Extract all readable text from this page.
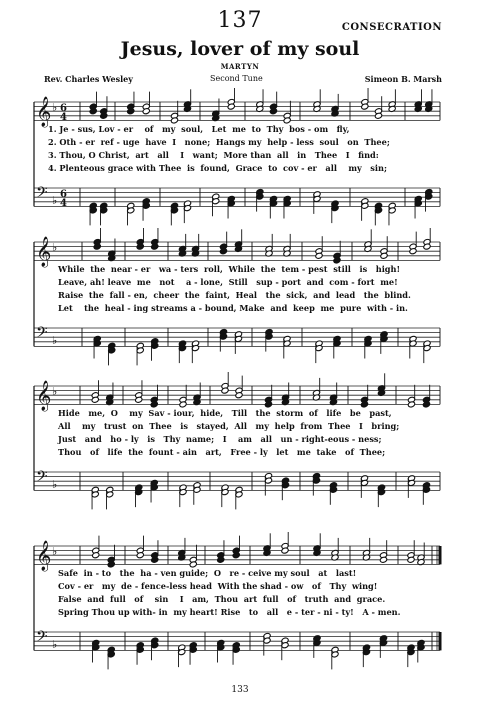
137	CONSECRATION
Jesus, lover of my soul
MARTYN
Rev. Charles Wesley	Second Tune	Simeon B. Marsh
𝄞 ♭
𝄢 ♭
6
4
6
4
1. Je - sus, Lov - er    of   my  soul,   Let  me  to  Thy  bos - om   fly,
2. Oth - er  ref - uge  have  I   none;  Hangs my  help - less  soul   on  Thee;
3. Thou, O Christ,  art   all    I   want;  More than  all   in   Thee   I   find:
4. Plenteous grace with Thee  is  found,  Grace  to  cov - er   all    my   sin;
𝄞 ♭
𝄢 ♭
While  the  near - er   wa - ters  roll,  While  the  tem - pest  still   is   high!
Leave, ah! leave  me   not    a - lone,  Still   sup - port  and  com - fort  me!
Raise  the  fall - en,  cheer  the  faint,  Heal   the  sick,  and  lead   the  blind.
Let    the  heal - ing streams a - bound, Make  and  keep  me  pure  with - in.
𝄞 ♭
𝄢 ♭
Hide   me,  O    my  Sav - iour,  hide,   Till   the  storm  of   life   be   past,
All    my   trust  on  Thee   is   stayed,  All   my  help  from  Thee   I   bring;
Just   and   ho - ly   is   Thy  name;   I    am   all   un - right-eous - ness;
Thou   of   life  the  fount - ain   art,   Free - ly   let   me  take   of  Thee;
𝄞 ♭
𝄢 ♭
Safe  in - to   the  ha - ven guide;  O   re - ceive my soul   at   last!
Cov - er   my  de - fence-less head  With the shad - ow   of   Thy  wing!
False  and  full   of    sin    I   am,  Thou  art  full   of   truth  and  grace.
Spring Thou up with- in  my heart! Rise   to   all   e - ter - ni - ty!   A - men.
133
